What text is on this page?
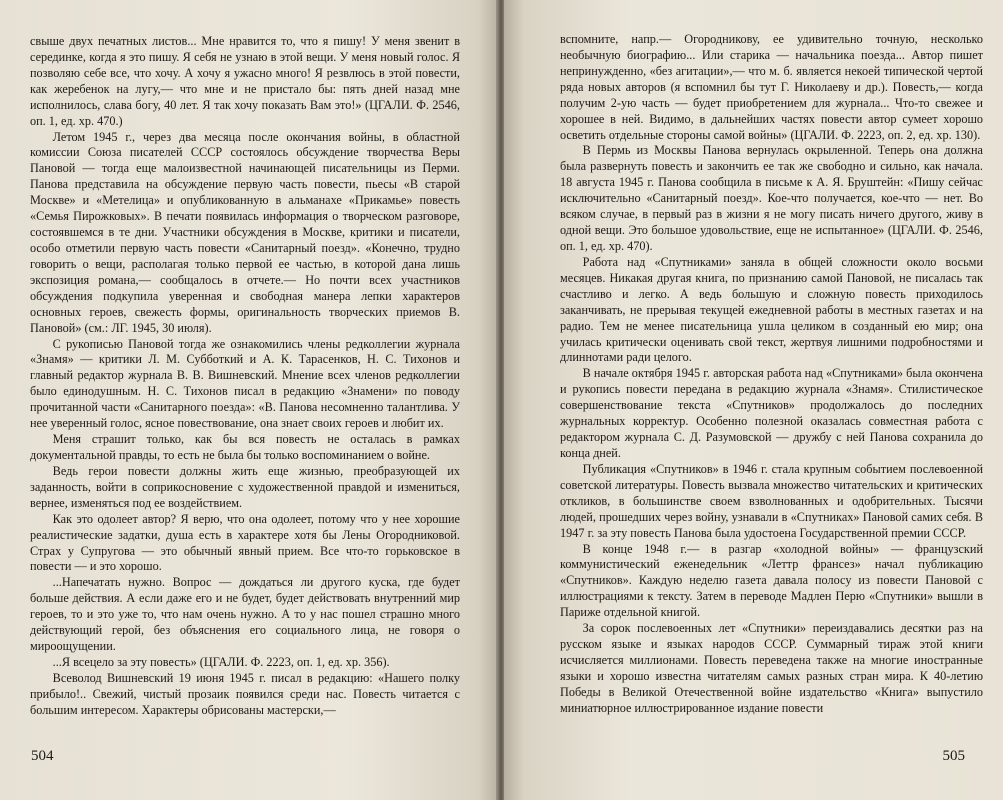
свыше двух печатных листов... Мне нравится то, что я пишу! У меня звенит в серединке, когда я это пишу. Я себя не узнаю в этой вещи. У меня новый голос. Я позволяю себе все, что хочу. А хочу я ужасно много! Я резвлюсь в этой повести, как жеребенок на лугу,— что мне и не пристало бы: пять дней назад мне исполнилось, слава богу, 40 лет. Я так хочу показать Вам это!» (ЦГАЛИ. Ф. 2546, оп. 1, ед. хр. 470.)

Летом 1945 г., через два месяца после окончания войны, в областной комиссии Союза писателей СССР состоялось обсуждение творчества Веры Пановой — тогда еще малоизвестной начинающей писательницы из Перми. Панова представила на обсуждение первую часть повести, пьесы «В старой Москве» и «Метелица» и опубликованную в альманахе «Прикамье» повесть «Семья Пирожковых». В печати появилась информация о творческом разговоре, состоявшемся в те дни. Участники обсуждения в Москве, критики и писатели, особо отметили первую часть повести «Санитарный поезд». «Конечно, трудно говорить о вещи, располагая только первой ее частью, в которой дана лишь экспозиция романа,— сообщалось в отчете.— Но почти всех участников обсуждения подкупила уверенная и свободная манера лепки характеров основных героев, свежесть формы, оригинальность творческих приемов В. Пановой» (см.: ЛГ. 1945, 30 июля).

С рукописью Пановой тогда же ознакомились члены редколлегии журнала «Знамя» — критики Л. М. Субботкий и А. К. Тарасенков, Н. С. Тихонов и главный редактор журнала В. В. Вишневский. Мнение всех членов редколлегии было единодушным. Н. С. Тихонов писал в редакцию «Знамени» по поводу прочитанной части «Санитарного поезда»: «В. Панова несомненно талантлива. У нее уверенный голос, ясное повествование, она знает своих героев и любит их.

Меня страшит только, как бы вся повесть не осталась в рамках документальной правды, то есть не была бы только воспоминанием о войне.

Ведь герои повести должны жить еще жизнью, преобразующей их заданность, войти в соприкосновение с художественной правдой и измениться, вернее, изменяться под ее воздействием.

Как это одолеет автор? Я верю, что она одолеет, потому что у нее хорошие реалистические задатки, душа есть в характере хотя бы Лены Огородниковой. Страх у Супругова — это обычный явный прием. Все что-то горьковское в повести — и это хорошо.

...Напечатать нужно. Вопрос — дождаться ли другого куска, где будет больше действия. А если даже его и не будет, будет действовать внутренний мир героев, то и это уже то, что нам очень нужно. А то у нас пошел страшно много действующий герой, без объяснения его социального лица, не говоря о мироощущении.

...Я всецело за эту повесть» (ЦГАЛИ. Ф. 2223, оп. 1, ед. хр. 356).

Всеволод Вишневский 19 июня 1945 г. писал в редакцию: «Нашего полку прибыло!.. Свежий, чистый прозаик появился среди нас. Повесть читается с большим интересом. Характеры обрисованы мастерски,—

504

вспомните, напр.— Огородникову, ее удивительно точную, несколько необычную биографию... Или старика — начальника поезда... Автор пишет непринужденно, «без агитации»,— что м. б. является некоей типической чертой ряда новых авторов (я вспомнил бы тут Г. Николаеву и др.). Повесть,— когда получим 2-ую часть — будет приобретением для журнала... Что-то свежее и хорошее в ней. Видимо, в дальнейших частях повести автор сумеет хорошо осветить отдельные стороны самой войны» (ЦГАЛИ. Ф. 2223, оп. 2, ед. хр. 130).

В Пермь из Москвы Панова вернулась окрыленной. Теперь она должна была развернуть повесть и закончить ее так же свободно и сильно, как начала. 18 августа 1945 г. Панова сообщила в письме к А. Я. Бруштейн: «Пишу сейчас исключительно «Санитарный поезд». Кое-что получается, кое-что — нет. Во всяком случае, в первый раз в жизни я не могу писать ничего другого, живу в одной вещи. Это большое удовольствие, еще не испытанное» (ЦГАЛИ. Ф. 2546, оп. 1, ед. хр. 470).

Работа над «Спутниками» заняла в общей сложности около восьми месяцев. Никакая другая книга, по признанию самой Пановой, не писалась так счастливо и легко. А ведь большую и сложную повесть приходилось заканчивать, не прерывая текущей ежедневной работы в местных газетах и на радио. Тем не менее писательница ушла целиком в созданный ею мир; она училась критически оценивать свой текст, жертвуя лишними подробностями и длиннотами ради целого.

В начале октября 1945 г. авторская работа над «Спутниками» была окончена и рукопись повести передана в редакцию журнала «Знамя». Стилистическое совершенствование текста «Спутников» продолжалось до последних журнальных корректур. Особенно полезной оказалась совместная работа с редактором журнала С. Д. Разумовской — дружбу с ней Панова сохранила до конца дней.

Публикация «Спутников» в 1946 г. стала крупным событием послевоенной советской литературы. Повесть вызвала множество читательских и критических откликов, в большинстве своем взволнованных и одобрительных. Тысячи людей, прошедших через войну, узнавали в «Спутниках» Пановой самих себя. В 1947 г. за эту повесть Панова была удостоена Государственной премии СССР.

В конце 1948 г.— в разгар «холодной войны» — французский коммунистический еженедельник «Леттр франсез» начал публикацию «Спутников». Каждую неделю газета давала полосу из повести Пановой с иллюстрациями к тексту. Затем в переводе Мадлен Перю «Спутники» вышли в Париже отдельной книгой.

За сорок послевоенных лет «Спутники» переиздавались десятки раз на русском языке и языках народов СССР. Суммарный тираж этой книги исчисляется миллионами. Повесть переведена также на многие иностранные языки и хорошо известна читателям самых разных стран мира. К 40-летию Победы в Великой Отечественной войне издательство «Книга» выпустило миниатюрное иллюстрированное издание повести

505
